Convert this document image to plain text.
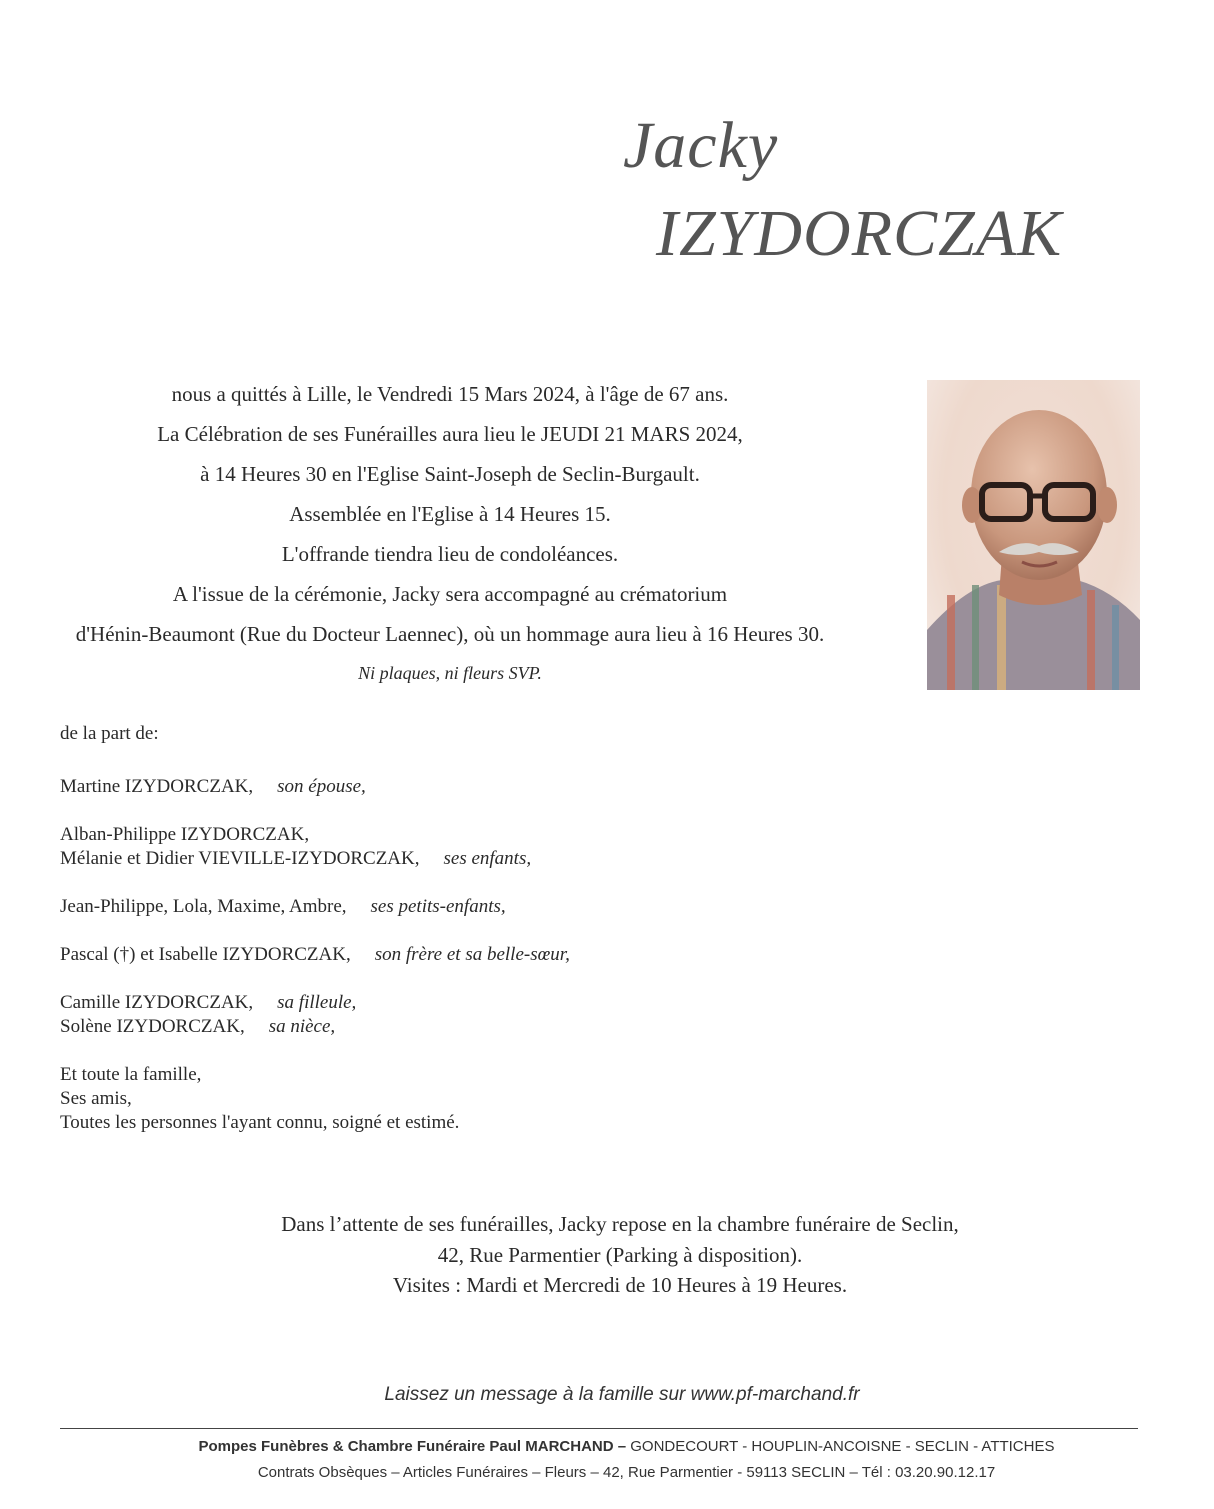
Jacky
IZYDORCZAK
nous a quittés à Lille, le Vendredi 15 Mars 2024, à l'âge de 67 ans.
La Célébration de ses Funérailles aura lieu le JEUDI 21 MARS 2024,
à 14 Heures 30 en l'Eglise Saint-Joseph de Seclin-Burgault.
Assemblée en l'Eglise à 14 Heures 15.
L'offrande tiendra lieu de condoléances.
A l'issue de la cérémonie, Jacky sera accompagné au crématorium
d'Hénin-Beaumont (Rue du Docteur Laennec), où un hommage aura lieu à 16 Heures 30.
Ni plaques, ni fleurs SVP.
de la part de:
Martine IZYDORCZAK, son épouse,
Alban-Philippe IZYDORCZAK,
Mélanie et Didier VIEVILLE-IZYDORCZAK, ses enfants,
Jean-Philippe, Lola, Maxime, Ambre, ses petits-enfants,
Pascal (†) et Isabelle IZYDORCZAK, son frère et sa belle-sœur,
Camille IZYDORCZAK, sa filleule,
Solène IZYDORCZAK, sa nièce,
Et toute la famille,
Ses amis,
Toutes les personnes l'ayant connu, soigné et estimé.
Dans l’attente de ses funérailles, Jacky repose en la chambre funéraire de Seclin,
42, Rue Parmentier (Parking à disposition).
Visites : Mardi et Mercredi de 10 Heures à 19 Heures.
Laissez un message à la famille sur www.pf-marchand.fr
Pompes Funèbres & Chambre Funéraire Paul MARCHAND – GONDECOURT - HOUPLIN-ANCOISNE - SECLIN - ATTICHES
Contrats Obsèques – Articles Funéraires – Fleurs – 42, Rue Parmentier - 59113 SECLIN – Tél : 03.20.90.12.17
